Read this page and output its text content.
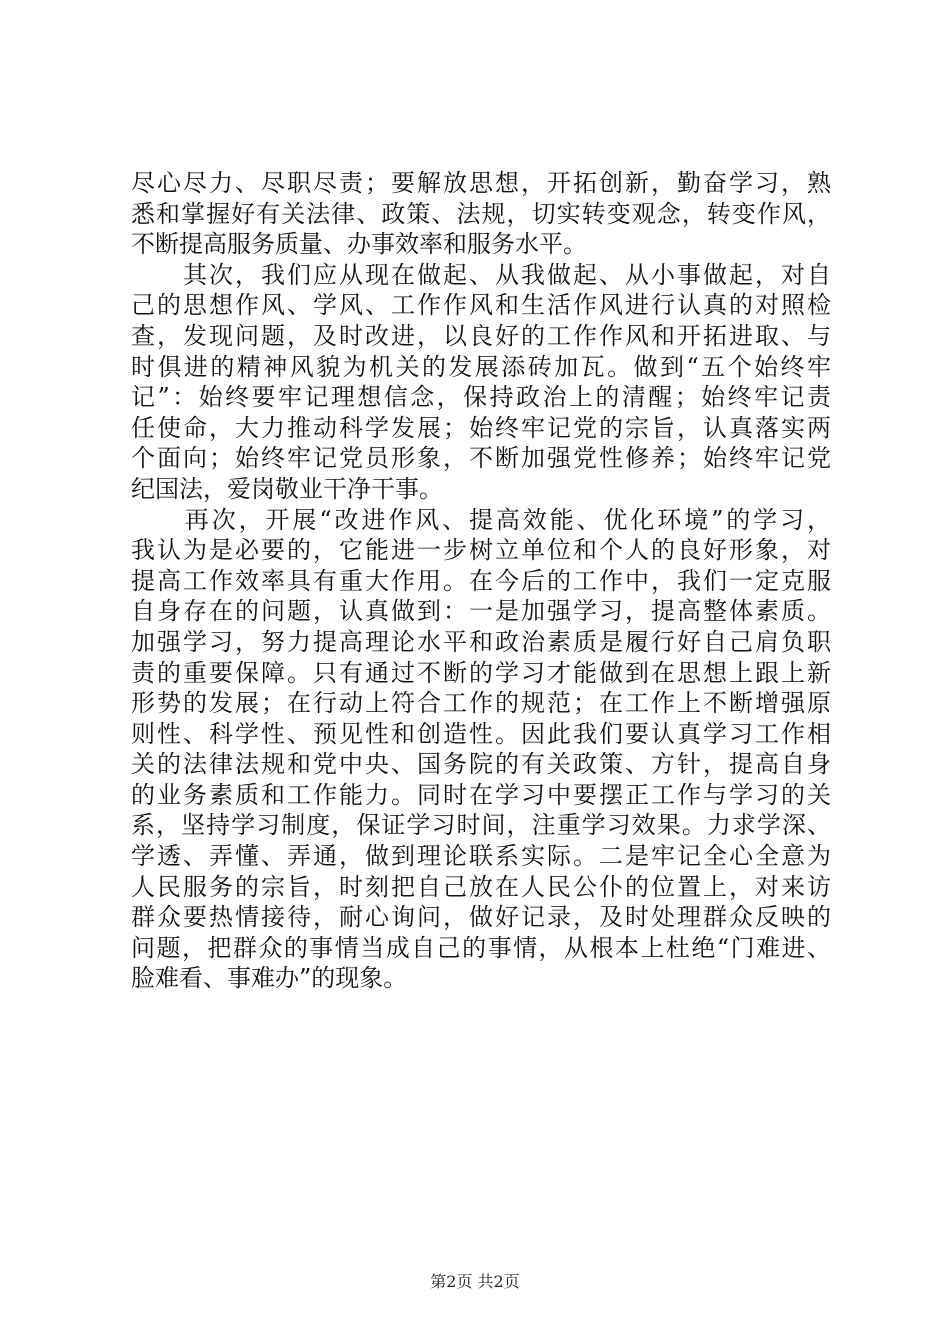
尽心尽力、尽职尽责；要解放思想，开拓创新，勤奋学习，熟
悉和掌握好有关法律、政策、法规，切实转变观念，转变作风，
不断提高服务质量、办事效率和服务水平。
　　其次，我们应从现在做起、从我做起、从小事做起，对自
己的思想作风、学风、工作作风和生活作风进行认真的对照检
查，发现问题，及时改进，以良好的工作作风和开拓进取、与
时俱进的精神风貌为机关的发展添砖加瓦。做到“五个始终牢
记”：始终要牢记理想信念，保持政治上的清醒；始终牢记责
任使命，大力推动科学发展；始终牢记党的宗旨，认真落实两
个面向；始终牢记党员形象，不断加强党性修养；始终牢记党
纪国法，爱岗敬业干净干事。
　　再次，开展“改进作风、提高效能、优化环境”的学习，
我认为是必要的，它能进一步树立单位和个人的良好形象，对
提高工作效率具有重大作用。在今后的工作中，我们一定克服
自身存在的问题，认真做到：一是加强学习，提高整体素质。
加强学习，努力提高理论水平和政治素质是履行好自己肩负职
责的重要保障。只有通过不断的学习才能做到在思想上跟上新
形势的发展；在行动上符合工作的规范；在工作上不断增强原
则性、科学性、预见性和创造性。因此我们要认真学习工作相
关的法律法规和党中央、国务院的有关政策、方针，提高自身
的业务素质和工作能力。同时在学习中要摆正工作与学习的关
系，坚持学习制度，保证学习时间，注重学习效果。力求学深、
学透、弄懂、弄通，做到理论联系实际。二是牢记全心全意为
人民服务的宗旨，时刻把自己放在人民公仆的位置上，对来访
群众要热情接待，耐心询问，做好记录，及时处理群众反映的
问题，把群众的事情当成自己的事情，从根本上杜绝“门难进、
脸难看、事难办”的现象。
第2页 共2页
